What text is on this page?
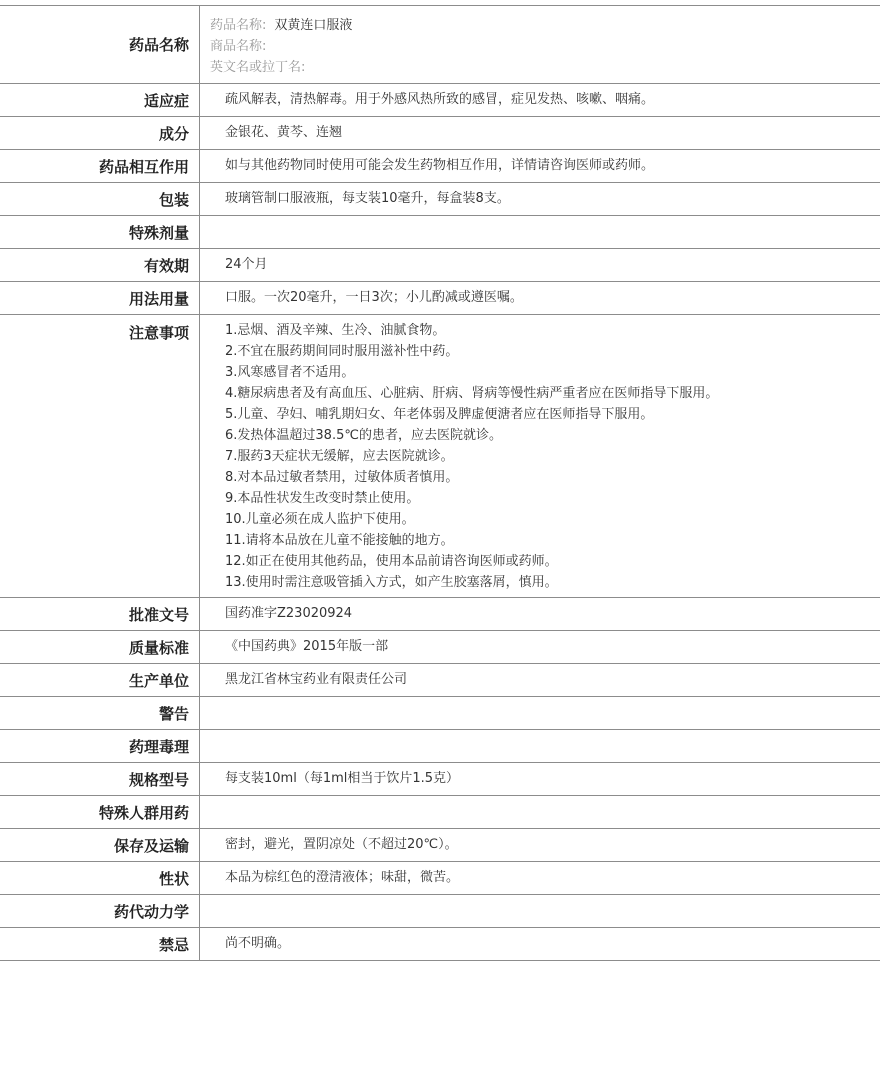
药品名称
药品名称: 双黄连口服液
商品名称:
英文名或拉丁名:
适应症	疏风解表，清热解毒。用于外感风热所致的感冒，症见发热、咳嗽、咽痛。
成分	金银花、黄芩、连翘
药品相互作用	如与其他药物同时使用可能会发生药物相互作用，详情请咨询医师或药师。
包装	玻璃管制口服液瓶，每支装10毫升，每盒装8支。
特殊剂量
有效期	24个月
用法用量	口服。一次20毫升，一日3次；小儿酌减或遵医嘱。
注意事项	1.忌烟、酒及辛辣、生冷、油腻食物。
2.不宜在服药期间同时服用滋补性中药。
3.风寒感冒者不适用。
4.糖尿病患者及有高血压、心脏病、肝病、肾病等慢性病严重者应在医师指导下服用。
5.儿童、孕妇、哺乳期妇女、年老体弱及脾虚便溏者应在医师指导下服用。
6.发热体温超过38.5℃的患者，应去医院就诊。
7.服药3天症状无缓解，应去医院就诊。
8.对本品过敏者禁用，过敏体质者慎用。
9.本品性状发生改变时禁止使用。
10.儿童必须在成人监护下使用。
11.请将本品放在儿童不能接触的地方。
12.如正在使用其他药品，使用本品前请咨询医师或药师。
13.使用时需注意吸管插入方式，如产生胶塞落屑，慎用。
批准文号	国药准字Z23020924
质量标准	《中国药典》2015年版一部
生产单位	黑龙江省林宝药业有限责任公司
警告
药理毒理
规格型号	每支装10ml（每1ml相当于饮片1.5克）
特殊人群用药
保存及运输	密封，避光，置阴凉处（不超过20℃）。
性状	本品为棕红色的澄清液体；味甜，微苦。
药代动力学
禁忌	尚不明确。
